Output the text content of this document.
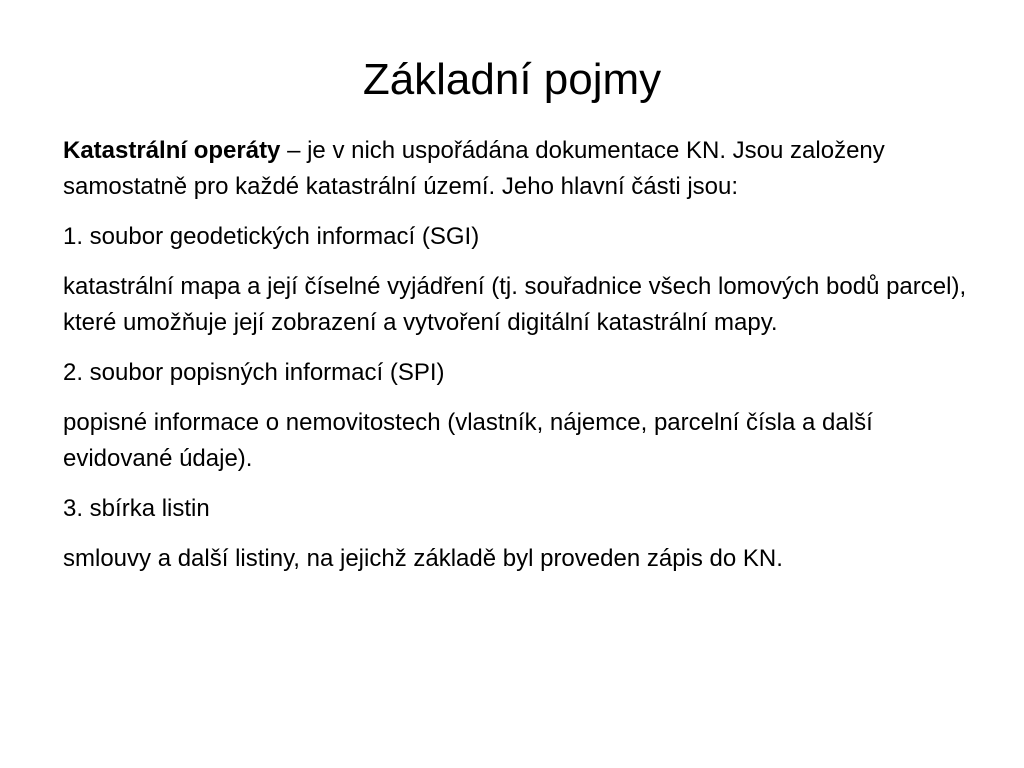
Základní pojmy

Katastrální operáty – je v nich uspořádána dokumentace KN. Jsou založeny samostatně pro každé katastrální území. Jeho hlavní části jsou:

1. soubor geodetických informací (SGI)

katastrální mapa a její číselné vyjádření (tj. souřadnice všech lomových bodů parcel), které umožňuje její zobrazení a vytvoření digitální katastrální mapy.

2. soubor popisných informací (SPI)

popisné informace o nemovitostech (vlastník, nájemce, parcelní čísla a další evidované údaje).

3. sbírka listin

smlouvy a další listiny, na jejichž základě byl proveden zápis do KN.
